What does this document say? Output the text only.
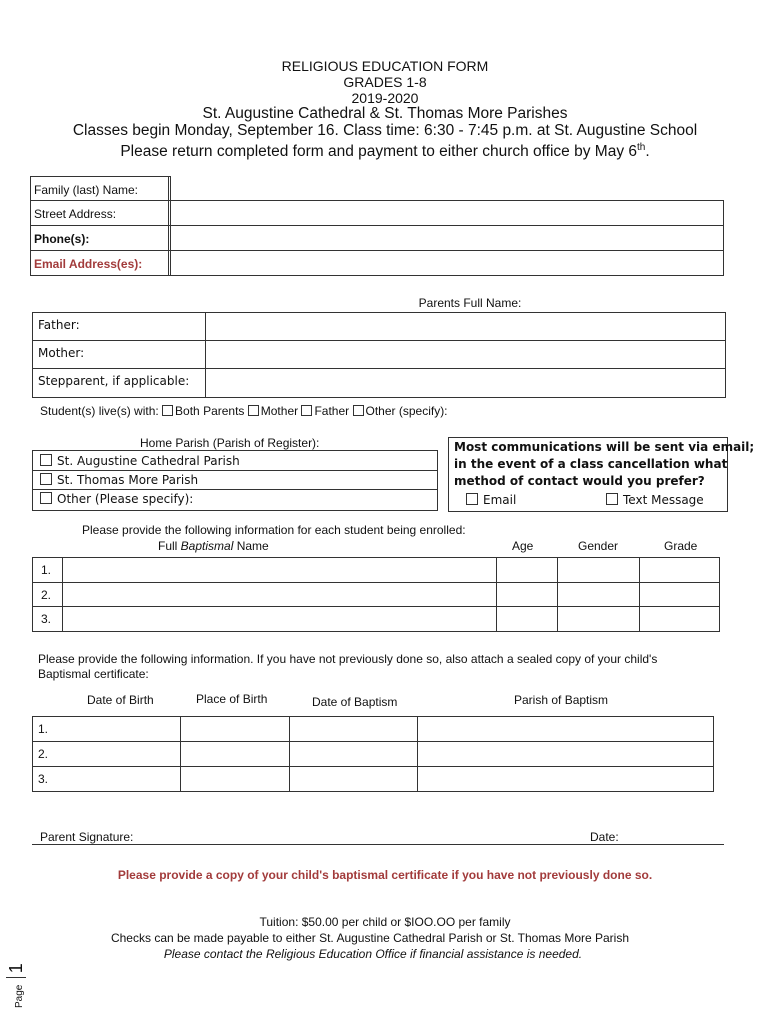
RELIGIOUS EDUCATION FORM
GRADES 1-8
2019-2020
St. Augustine Cathedral & St. Thomas More Parishes
Classes begin Monday, September 16. Class time: 6:30 - 7:45 p.m. at St. Augustine School
Please return completed form and payment to either church office by May 6th.
Family (last) Name:
Street Address:
Phone(s):
Email Address(es):
Parents Full Name:
Father:
Mother:
Stepparent, if applicable:
Student(s) live(s) with: Both Parents Mother Father Other (specify):
Home Parish (Parish of Register):
St. Augustine Cathedral Parish
St. Thomas More Parish
Other (Please specify):
Most communications will be sent via email;
in the event of a class cancellation what
method of contact would you prefer?
Email	Text Message
Please provide the following information for each student being enrolled:
Full Baptismal Name	Age	Gender	Grade
1.
2.
3.
Please provide the following information. If you have not previously done so, also attach a sealed copy of your child's
Baptismal certificate:
Date of Birth	Place of Birth	Date of Baptism	Parish of Baptism
1.
2.
3.
Parent Signature:	Date:
Please provide a copy of your child's baptismal certificate if you have not previously done so.
Tuition: $50.00 per child or $IOO.OO per family
Checks can be made payable to either St. Augustine Cathedral Parish or St. Thomas More Parish
Please contact the Religious Education Office if financial assistance is needed.
Page 1
